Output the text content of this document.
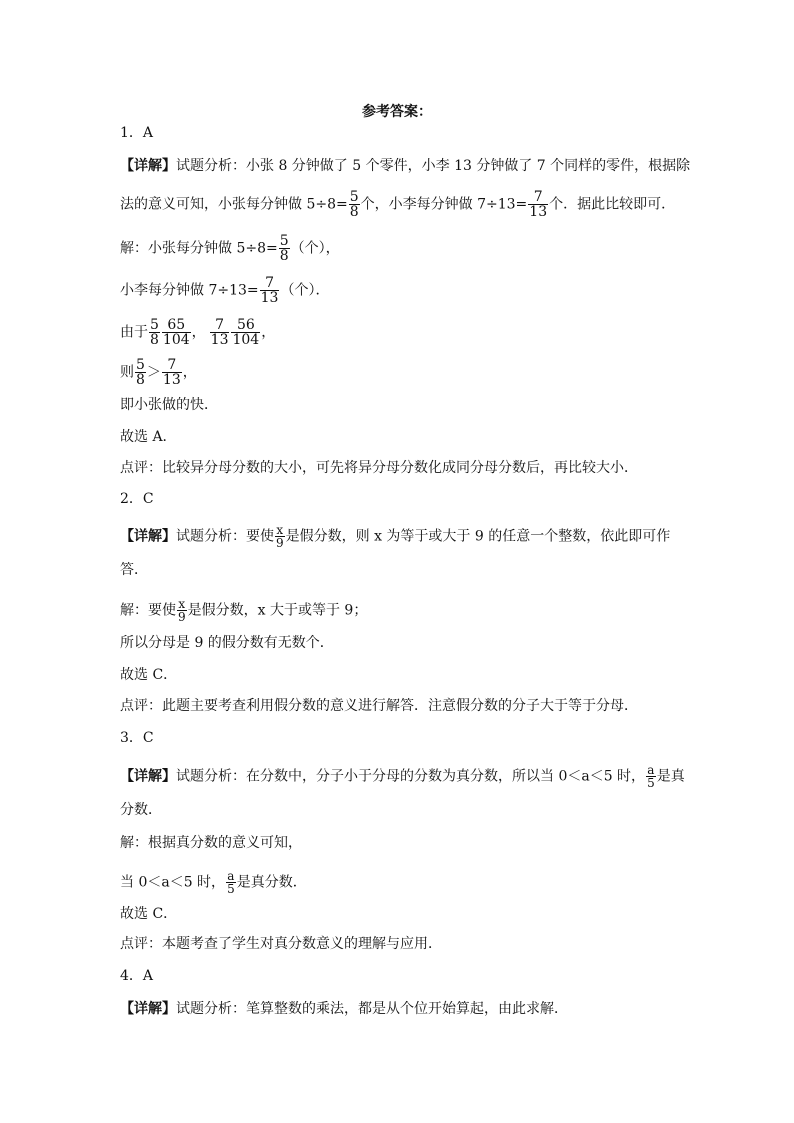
参考答案：
1．A
【详解】试题分析：小张 8 分钟做了 5 个零件，小李 13 分钟做了 7 个同样的零件，根据除
法的意义可知，小张每分钟做 $5\div 8= \frac{5}{8}$ 个，小李每分钟做 $7\div 13= \frac{7}{13}$ 个．据此比较即可．
解：小张每分钟做 $5\div 8= \frac{5}{8}$ （个），
小李每分钟做 $7\div 13= \frac{7}{13}$ （个）．
由于 $\frac{5}{8} \frac{65}{104}$ ， $\frac{7}{13} \frac{56}{104}$ ，
则 $\frac{5}{8} > \frac{7}{13}$ ，
即小张做的快．
故选 A．
点评：比较异分母分数的大小，可先将异分母分数化成同分母分数后，再比较大小．
2．C
【详解】试题分析：要使 $\frac{x}{9}$ 是假分数，则 x 为等于或大于 9 的任意一个整数，依此即可作
答．
解：要使 $\frac{x}{9}$ 是假分数，x 大于或等于 9；
所以分母是 9 的假分数有无数个．
故选 C．
点评：此题主要考查利用假分数的意义进行解答．注意假分数的分子大于等于分母．
3．C
【详解】试题分析：在分数中，分子小于分母的分数为真分数，所以当 0＜a＜5 时， $\frac{a}{5}$ 是真
分数．
解：根据真分数的意义可知，
当 0＜a＜5 时， $\frac{a}{5}$ 是真分数．
故选 C．
点评：本题考查了学生对真分数意义的理解与应用．
4．A
【详解】试题分析：笔算整数的乘法，都是从个位开始算起，由此求解．
